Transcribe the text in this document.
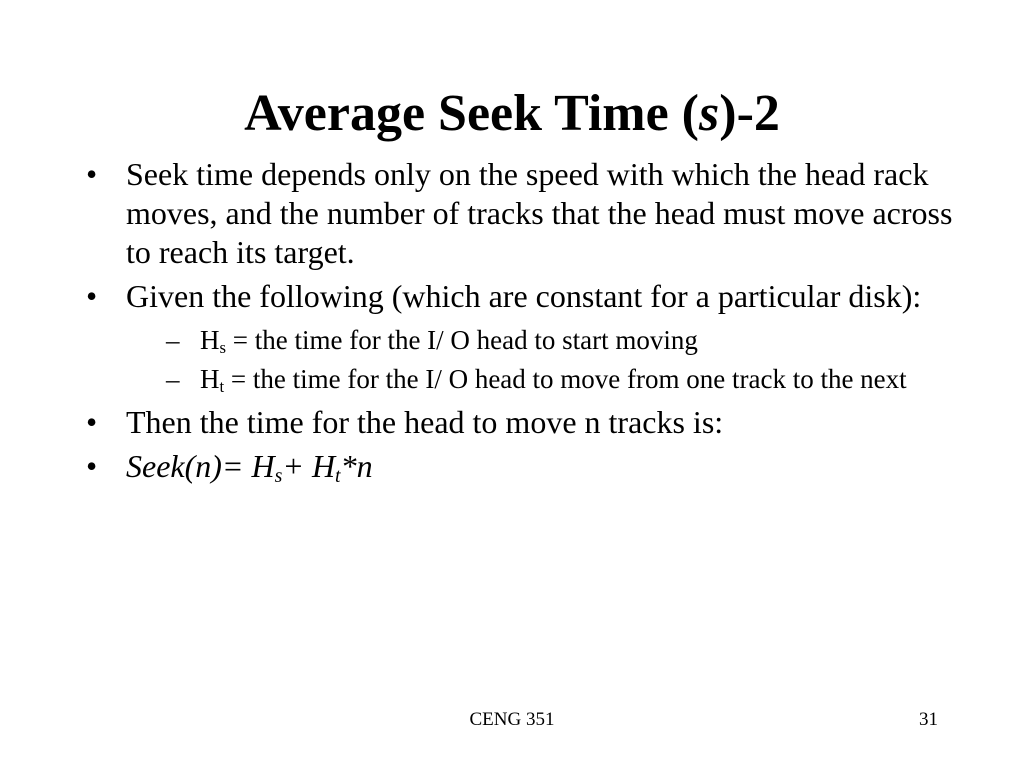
Average Seek Time (s)-2
• Seek time depends only on the speed with which the head rack moves, and the number of tracks that the head must move across to reach its target.
• Given the following (which are constant for a particular disk):
– $H_s$ = the time for the I/ O head to start moving
– $H_t$ = the time for the I/ O head to move from one track to the next
• Then the time for the head to move n tracks is:
• Seek(n)= $H_s+ H_t*n$
CENG 351	31
